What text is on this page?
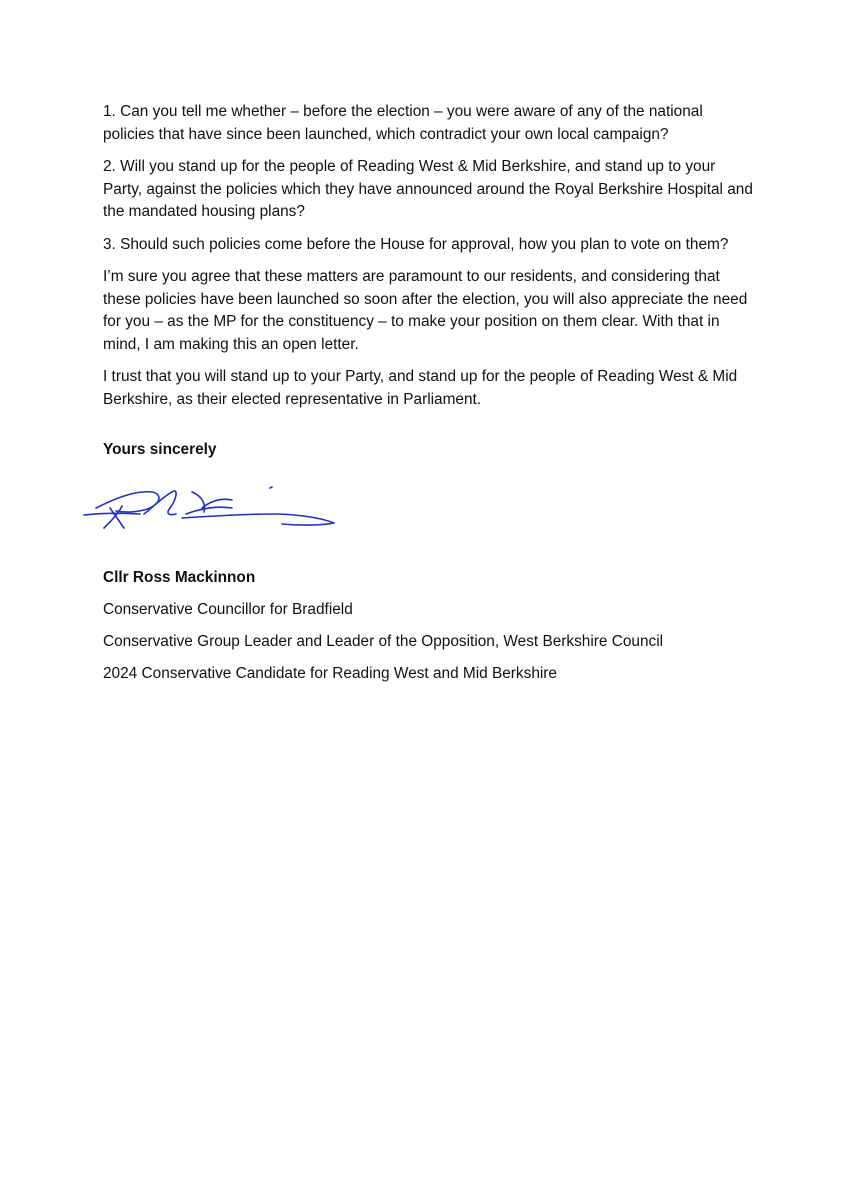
1. Can you tell me whether – before the election – you were aware of any of the national policies that have since been launched, which contradict your own local campaign?

2. Will you stand up for the people of Reading West & Mid Berkshire, and stand up to your Party, against the policies which they have announced around the Royal Berkshire Hospital and the mandated housing plans?

3. Should such policies come before the House for approval, how you plan to vote on them?

I’m sure you agree that these matters are paramount to our residents, and considering that these policies have been launched so soon after the election, you will also appreciate the need for you – as the MP for the constituency – to make your position on them clear. With that in mind, I am making this an open letter.

I trust that you will stand up to your Party, and stand up for the people of Reading West & Mid Berkshire, as their elected representative in Parliament.

Yours sincerely
Cllr Ross Mackinnon
Conservative Councillor for Bradfield
Conservative Group Leader and Leader of the Opposition, West Berkshire Council
2024 Conservative Candidate for Reading West and Mid Berkshire
